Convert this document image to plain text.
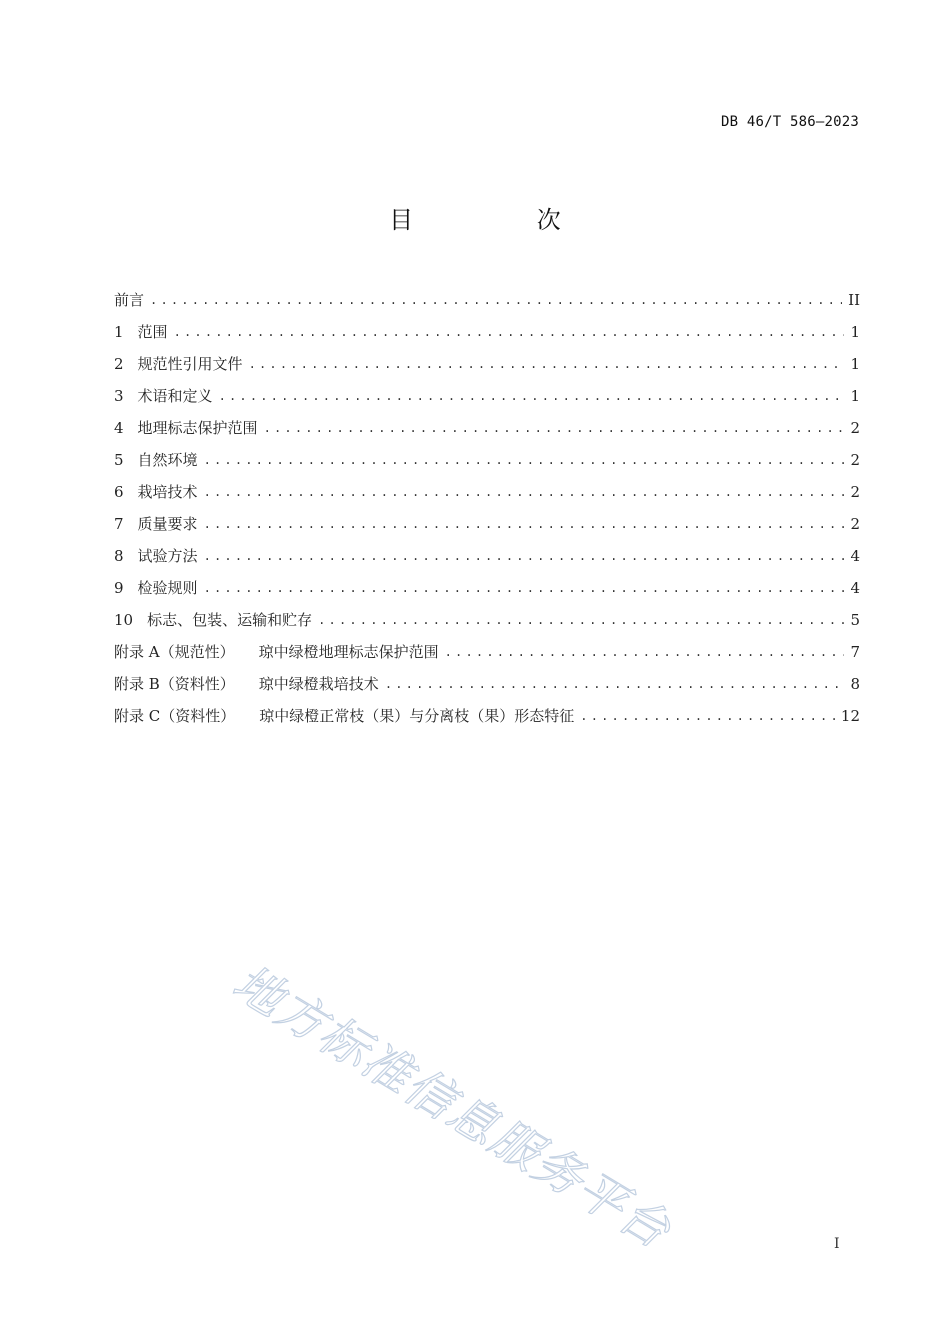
DB 46/T 586—2023
目 次
前言 .....	II
1 范围 .....	1
2 规范性引用文件 .....	1
3 术语和定义 .....	1
4 地理标志保护范围 .....	2
5 自然环境 .....	2
6 栽培技术 .....	2
7 质量要求 .....	2
8 试验方法 .....	4
9 检验规则 .....	4
10 标志、包装、运输和贮存 .....	5
附录 A（规范性）	琼中绿橙地理标志保护范围 .....	7
附录 B（资料性）	琼中绿橙栽培技术 .....	8
附录 C（资料性）	琼中绿橙正常枝（果）与分离枝（果）形态特征 .....	12
地方标准信息服务平台	I
